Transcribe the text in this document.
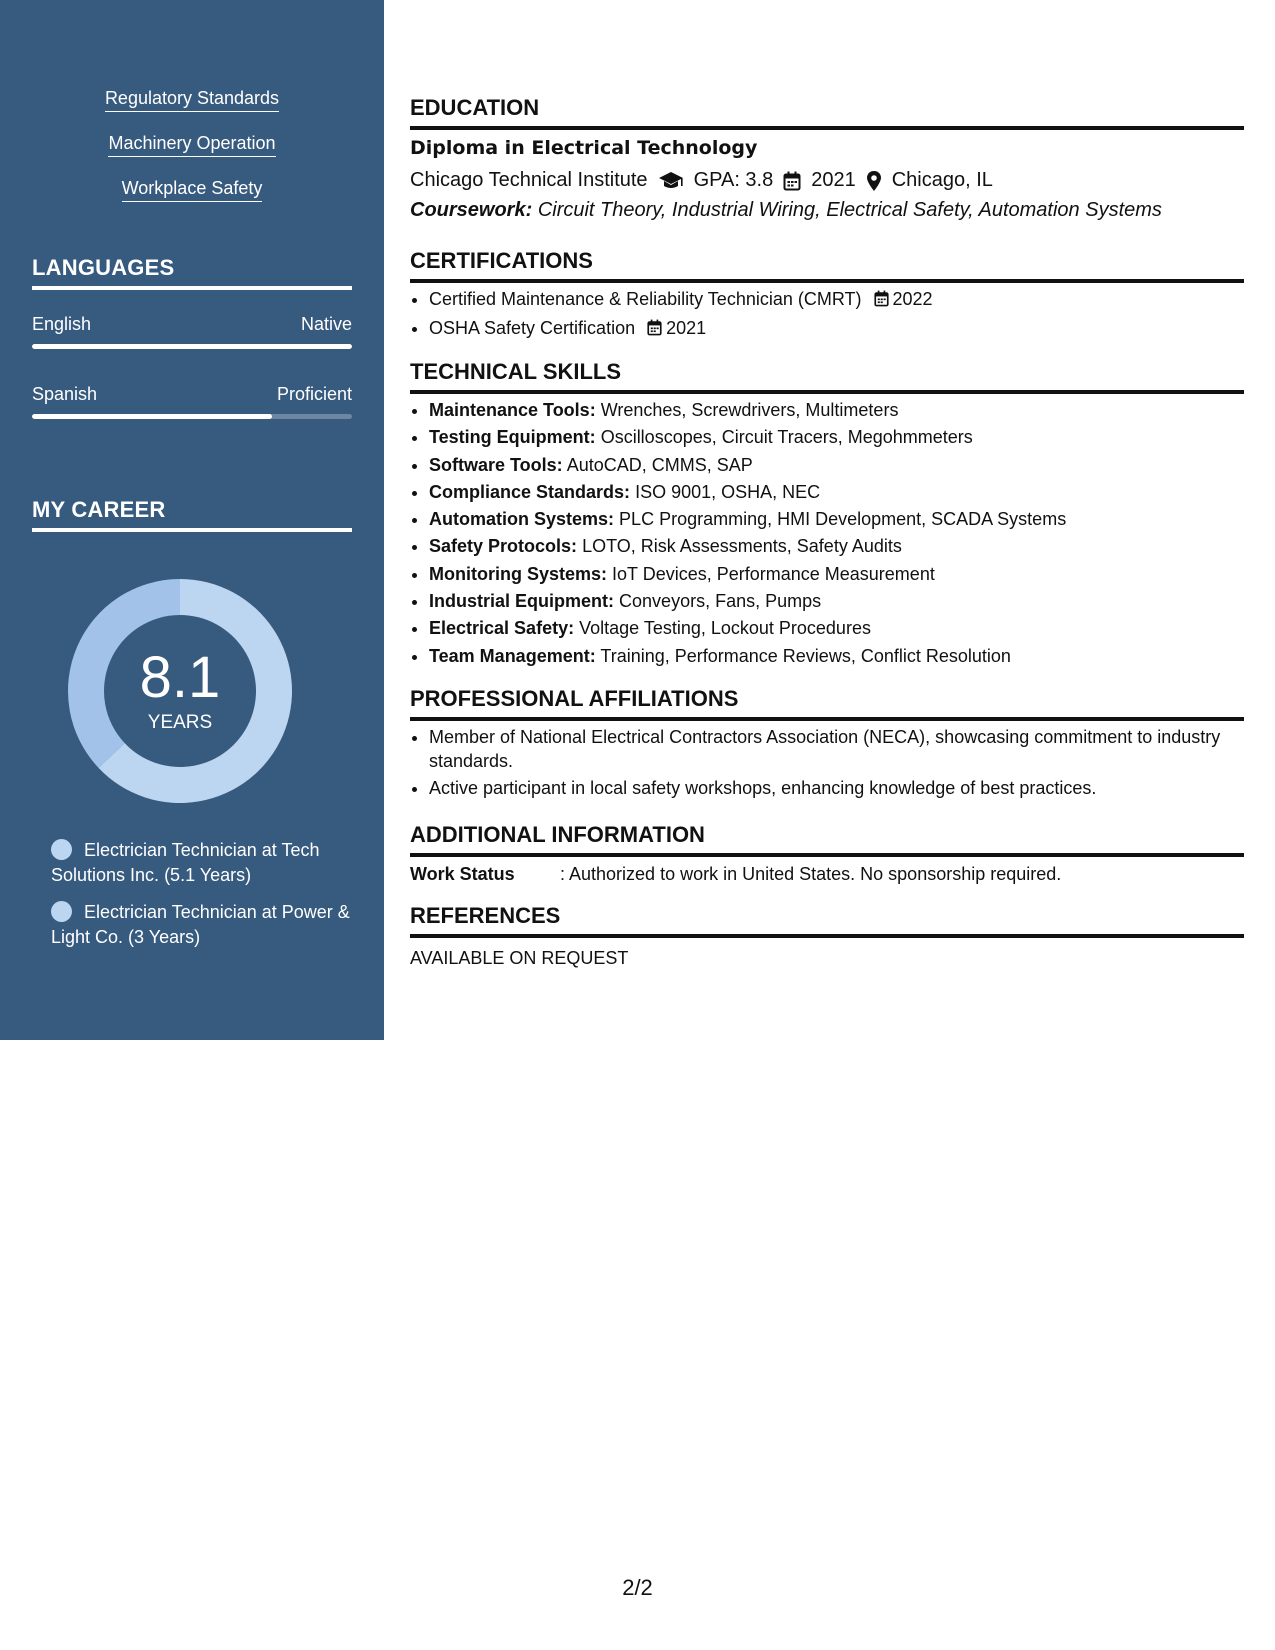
Regulatory Standards
Machinery Operation
Workplace Safety
LANGUAGES
English	Native
Spanish	Proficient
MY CAREER
8.1
YEARS
Electrician Technician at Tech Solutions Inc. (5.1 Years)
Electrician Technician at Power & Light Co. (3 Years)
EDUCATION
Diploma in Electrical Technology
Chicago Technical Institute GPA: 3.8 2021 Chicago, IL
Coursework: Circuit Theory, Industrial Wiring, Electrical Safety, Automation Systems
CERTIFICATIONS
• Certified Maintenance & Reliability Technician (CMRT) 2022
• OSHA Safety Certification 2021
TECHNICAL SKILLS
• Maintenance Tools: Wrenches, Screwdrivers, Multimeters
• Testing Equipment: Oscilloscopes, Circuit Tracers, Megohmmeters
• Software Tools: AutoCAD, CMMS, SAP
• Compliance Standards: ISO 9001, OSHA, NEC
• Automation Systems: PLC Programming, HMI Development, SCADA Systems
• Safety Protocols: LOTO, Risk Assessments, Safety Audits
• Monitoring Systems: IoT Devices, Performance Measurement
• Industrial Equipment: Conveyors, Fans, Pumps
• Electrical Safety: Voltage Testing, Lockout Procedures
• Team Management: Training, Performance Reviews, Conflict Resolution
PROFESSIONAL AFFILIATIONS
• Member of National Electrical Contractors Association (NECA), showcasing commitment to industry standards.
• Active participant in local safety workshops, enhancing knowledge of best practices.
ADDITIONAL INFORMATION
Work Status	: Authorized to work in United States. No sponsorship required.
REFERENCES
AVAILABLE ON REQUEST
2/2
